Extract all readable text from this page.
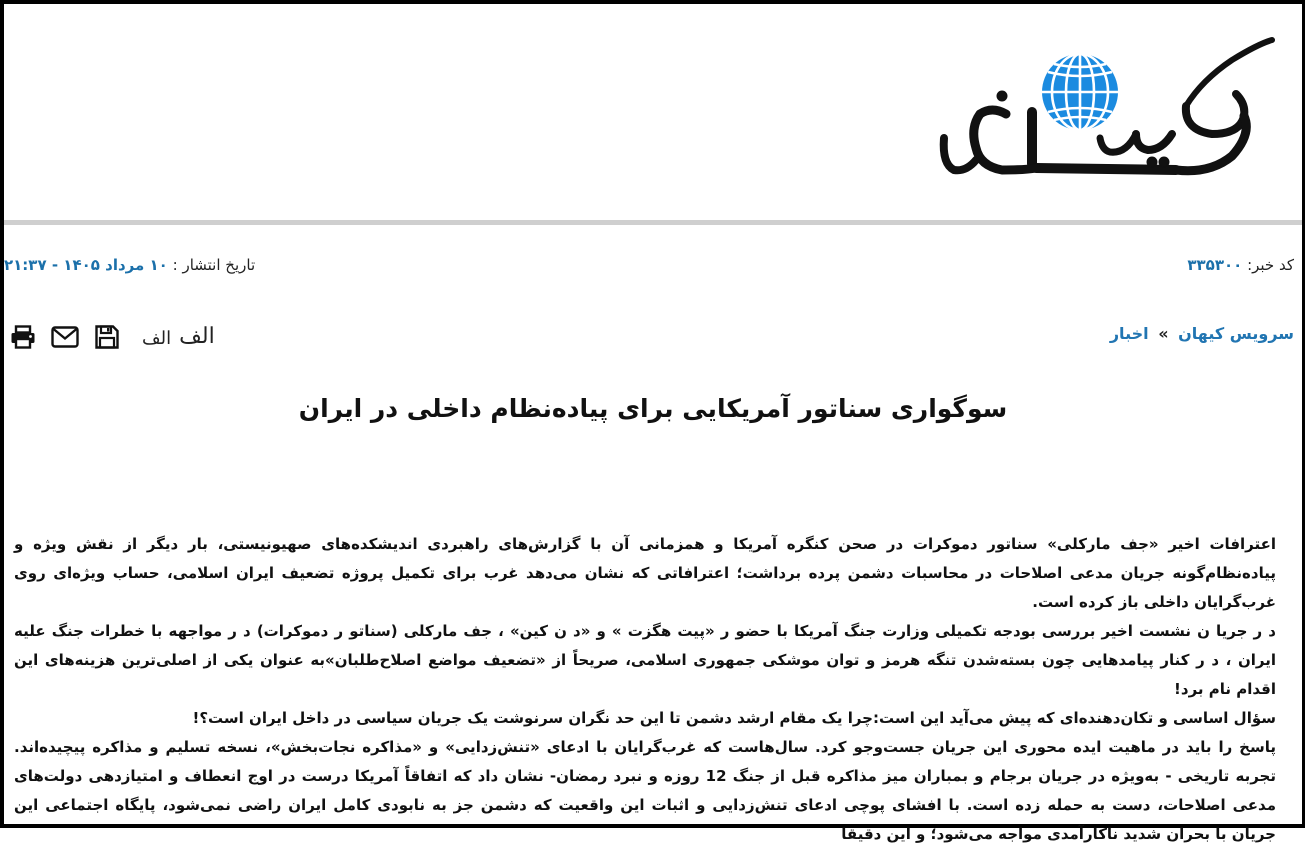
کد خبر: ۳۳۵۳۰۰
تاریخ انتشار : ۱۰ مرداد ۱۴۰۵ - ۲۱:۳۷
سرویس کیهان » اخبار
الف الف
سوگواری سناتور آمریکایی برای پیاده‌نظام داخلی در ایران

اعترافات اخیر «جف مارکلی» سناتور دموکرات در صحن کنگره آمریکا و همزمانی آن با گزارش‌های راهبردی اندیشکده‌های صهیونیستی، بار دیگر از نقش ویژه و پیاده‌نظام‌گونه جریان مدعی اصلاحات در محاسبات دشمن پرده برداشت؛ اعترافاتی که نشان می‌دهد غرب برای تکمیل پروژه تضعیف ایران اسلامی، حساب ویژه‌ای روی غرب‌گرایان داخلی باز کرده است.

د ر جریا ن نشست اخیر بررسی بودجه تکمیلی وزارت جنگ آمریکا با حضو ر «پیت هگزت » و «د ن کین» ، جف مارکلی (سناتو ر دموکرات) د ر مواجهه با خطرات جنگ علیه ایران ، د ر کنار پیامدهایی چون بسته‌شدن تنگه هرمز و توان موشکی جمهوری اسلامی، صریحاً از «تضعیف مواضع اصلاح‌طلبان»به عنوان یکی از اصلی‌ترین هزینه‌های این اقدام نام برد!

سؤال اساسی و تکان‌دهنده‌ای که پیش می‌آید این است:چرا یک مقام ارشد دشمن تا این حد نگران سرنوشت یک جریان سیاسی در داخل ایران است؟!

پاسخ را باید در ماهیت ایده محوری این جریان جست‌وجو کرد. سال‌هاست که غرب‌گرایان با ادعای «تنش‌زدایی» و «مذاکره نجات‌بخش»، نسخه تسلیم و مذاکره پیچیده‌اند. تجربه تاریخی - به‌ویژه در جریان برجام و بمباران میز مذاکره قبل از جنگ 12 روزه و نبرد رمضان- نشان داد که اتفاقاً آمریکا درست در اوج انعطاف و امتیازدهی دولت‌های مدعی اصلاحات، دست به حمله زده است. با افشای پوچی ادعای تنش‌زدایی و اثبات این واقعیت که دشمن جز به نابودی کامل ایران راضی نمی‌شود، پایگاه اجتماعی این جریان با بحران شدید ناکارآمدی مواجه می‌شود؛ و این دقیقا
